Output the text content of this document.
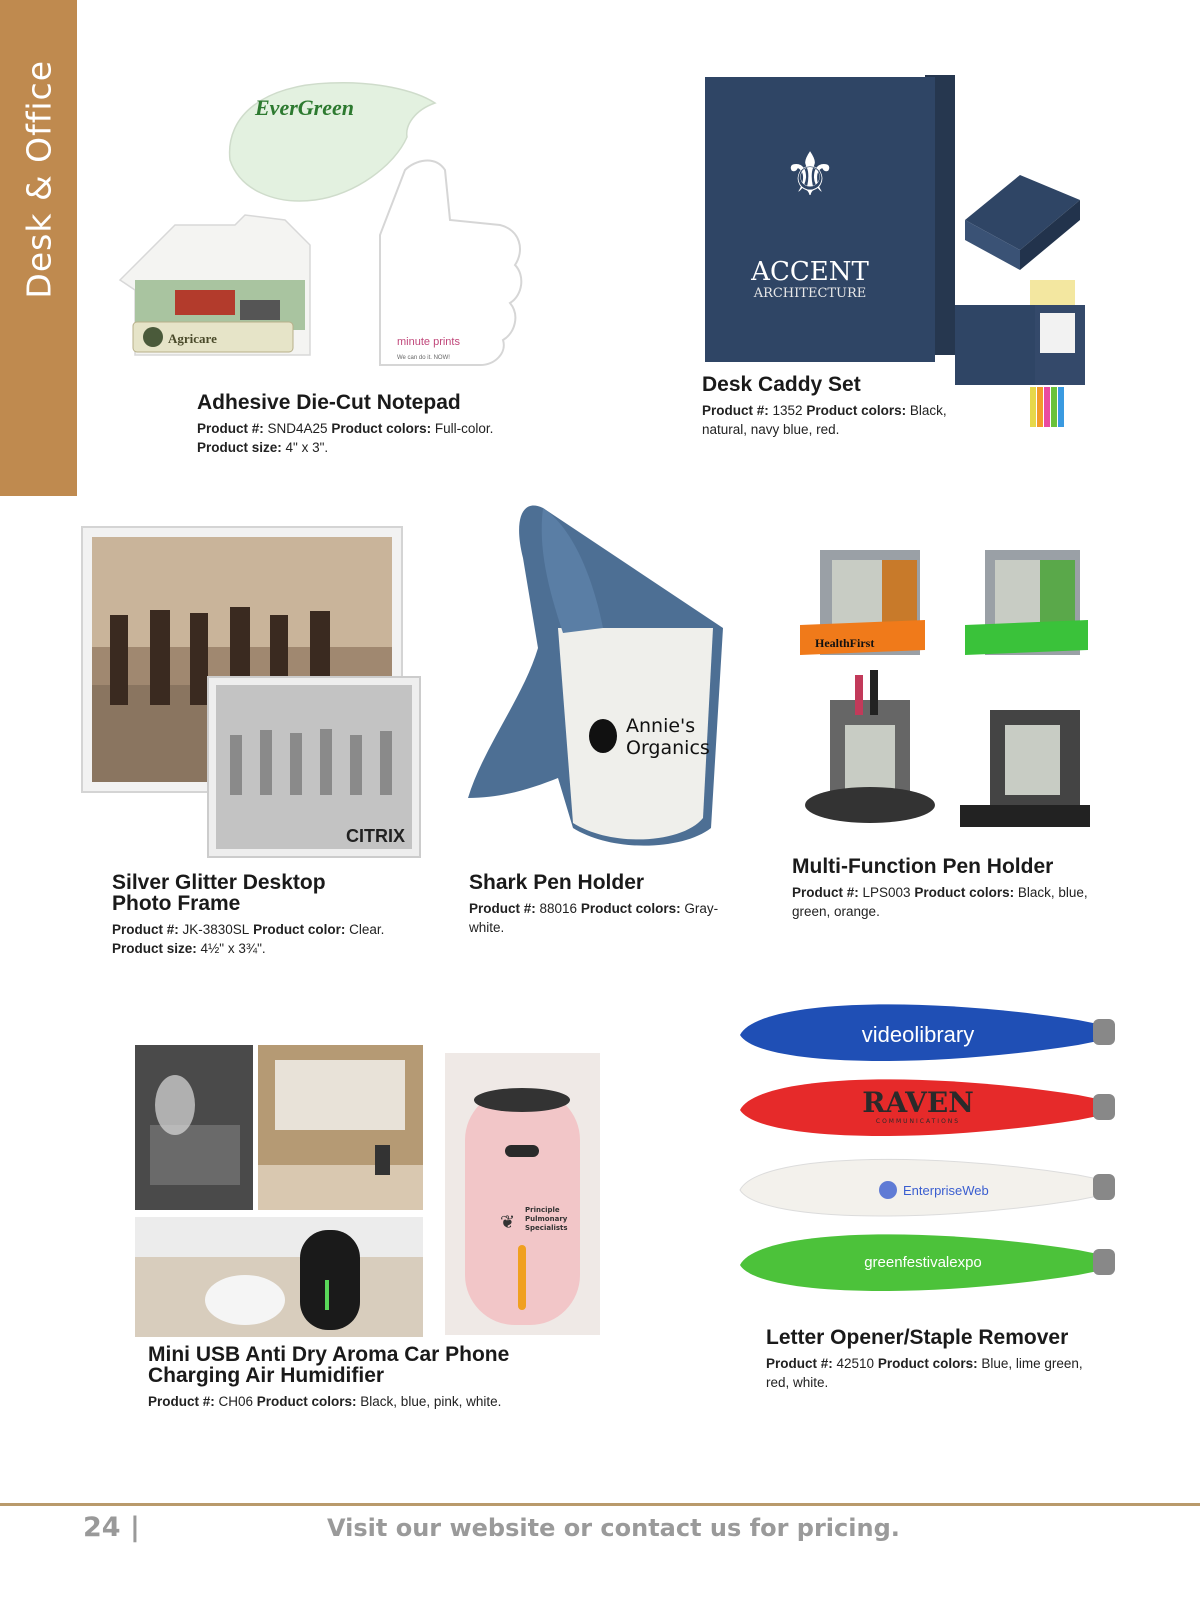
Desk & Office	EverGreen
Agricare	minute prints
We can do it. NOW!
Adhesive Die-Cut Notepad

Product #: SND4A25 Product colors: Full-color.

Product size: 4" x 3".

⚜
ACCENT
ARCHITECTURE
Desk Caddy Set

Product #: 1352 Product colors: Black,

natural, navy blue, red.

CITRIX
Silver Glitter Desktop
Photo Frame

Product #: JK-3830SL Product color: Clear.

Product size: 4½" x 3¾".

Annie's
Organics
Shark Pen Holder

Product #: 88016 Product colors: Gray-

white.

HealthFirst
Multi-Function Pen Holder

Product #: LPS003 Product colors: Black, blue,

green, orange.

Principle
Pulmonary
Specialists
❦
Mini USB Anti Dry Aroma Car Phone
Charging Air Humidifier

Product #: CH06 Product colors: Black, blue, pink, white.

videolibrary
RAVEN
COMMUNICATIONS
EnterpriseWeb
greenfestivalexpo
Letter Opener/Staple Remover

Product #: 42510 Product colors: Blue, lime green,

red, white.

24 |	Visit our website or contact us for pricing.
